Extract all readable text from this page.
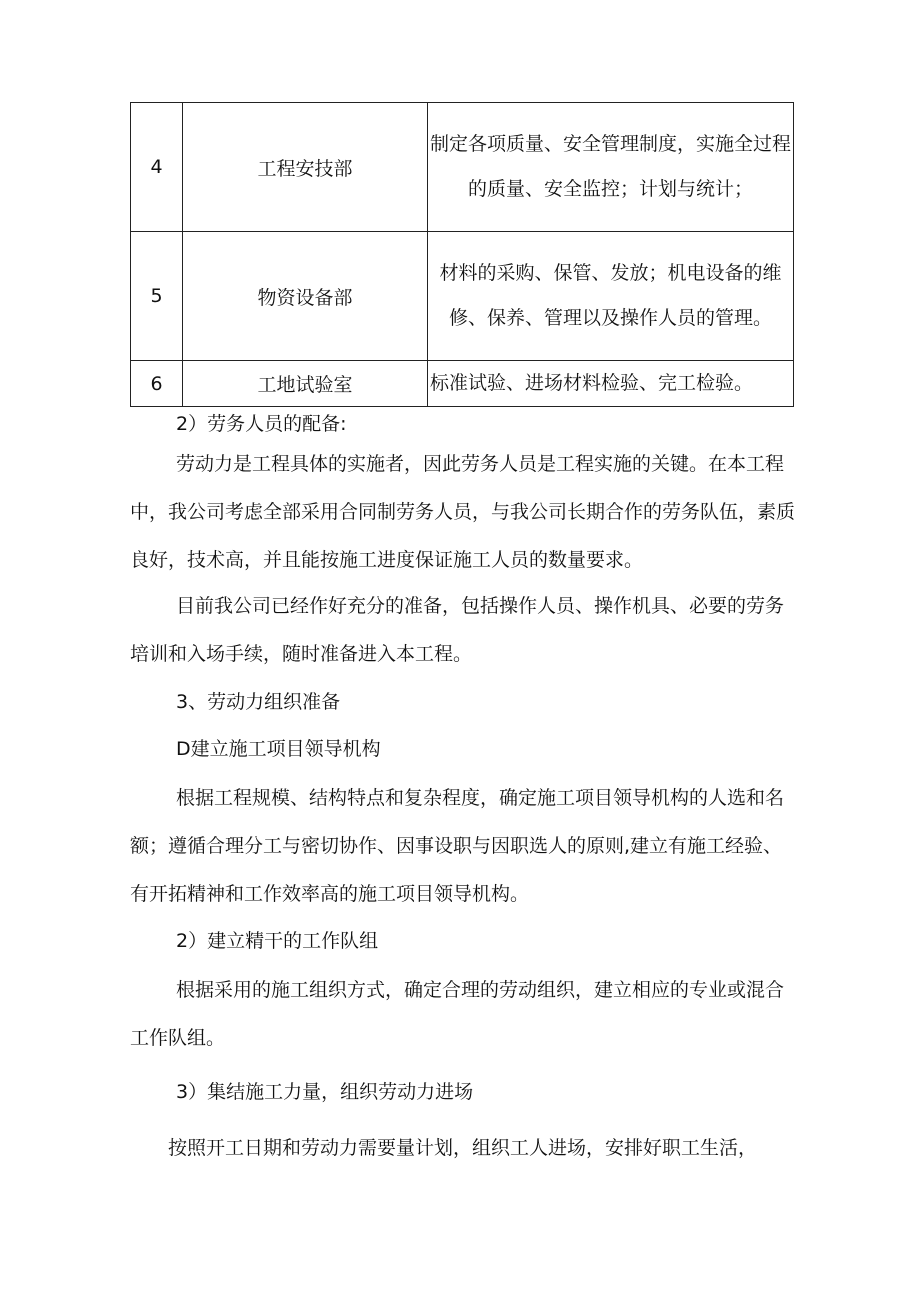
4	工程安技部	制定各项质量、安全管理制度，实施全过程的质量、安全监控；计划与统计；
5	物资设备部	材料的采购、保管、发放；机电设备的维修、保养、管理以及操作人员的管理。
6	工地试验室	标准试验、进场材料检验、完工检验。

2）劳务人员的配备:

劳动力是工程具体的实施者，因此劳务人员是工程实施的关键。在本工程中，我公司考虑全部采用合同制劳务人员，与我公司长期合作的劳务队伍，素质良好，技术高，并且能按施工进度保证施工人员的数量要求。

目前我公司已经作好充分的准备，包括操作人员、操作机具、必要的劳务培训和入场手续，随时准备进入本工程。

3、劳动力组织准备

D建立施工项目领导机构

根据工程规模、结构特点和复杂程度，确定施工项目领导机构的人选和名额；遵循合理分工与密切协作、因事设职与因职选人的原则,建立有施工经验、有开拓精神和工作效率高的施工项目领导机构。

2）建立精干的工作队组

根据采用的施工组织方式，确定合理的劳动组织，建立相应的专业或混合工作队组。

3）集结施工力量，组织劳动力进场

按照开工日期和劳动力需要量计划，组织工人进场，安排好职工生活，
